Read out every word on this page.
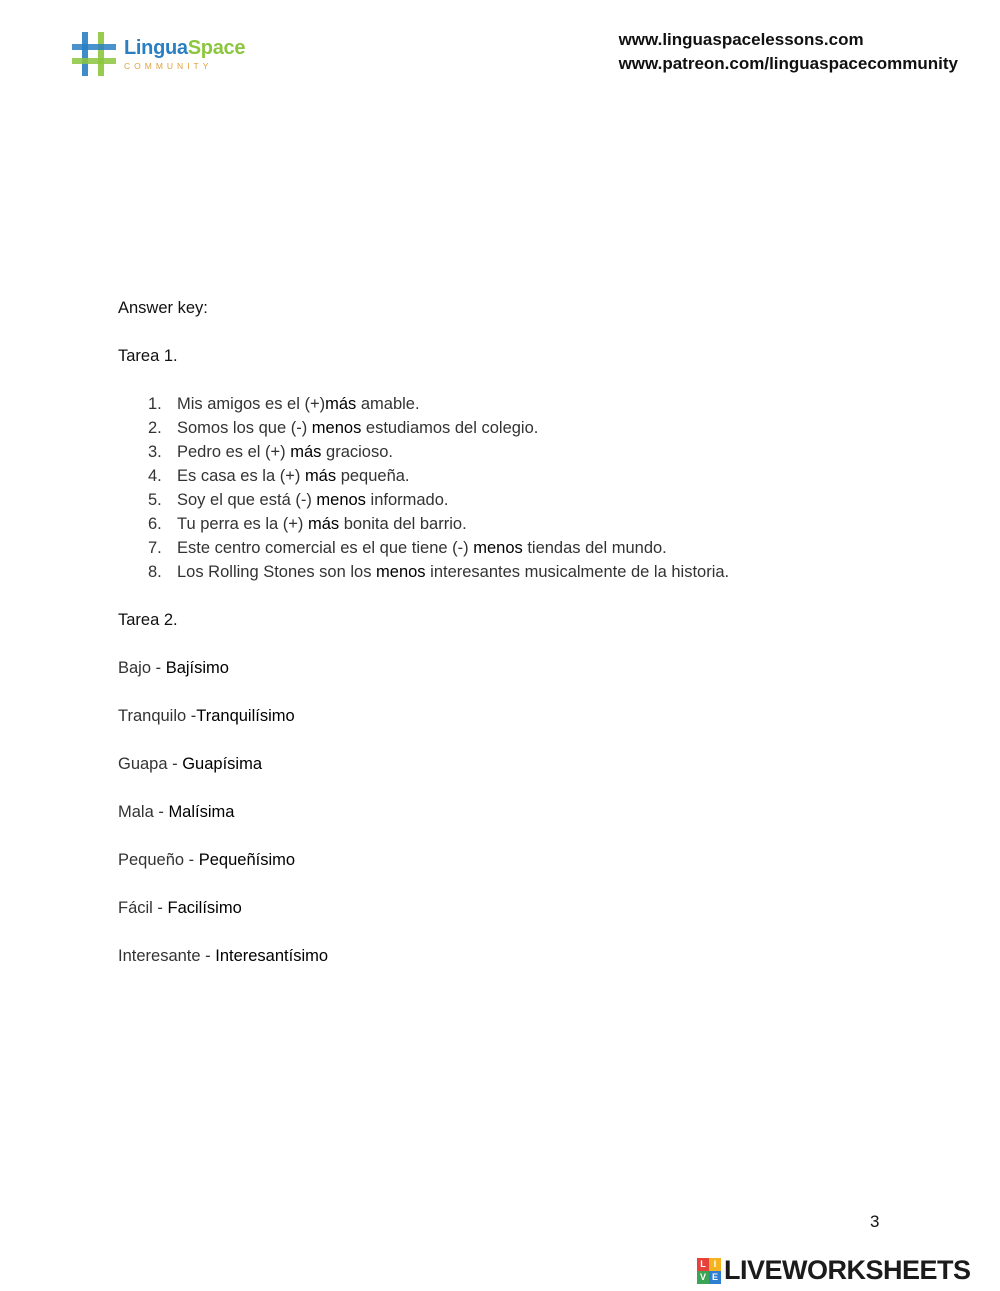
LinguaSpace
COMMUNITY
www.linguaspacelessons.com
www.patreon.com/linguaspacecommunity

Answer key:

Tarea 1.

1. Mis amigos es el (+)más amable.
2. Somos los que (-) menos estudiamos del colegio.
3. Pedro es el (+) más gracioso.
4. Es casa es la (+) más pequeña.
5. Soy el que está (-) menos informado.
6. Tu perra es la (+) más bonita del barrio.
7. Este centro comercial es el que tiene (-) menos tiendas del mundo.
8. Los Rolling Stones son los menos interesantes musicalmente de la historia.

Tarea 2.

Bajo - Bajísimo
Tranquilo -Tranquilísimo
Guapa - Guapísima
Mala - Malísima
Pequeño - Pequeñísimo
Fácil - Facilísimo
Interesante - Interesantísimo
3
L I
V E LIVEWORKSHEETS
